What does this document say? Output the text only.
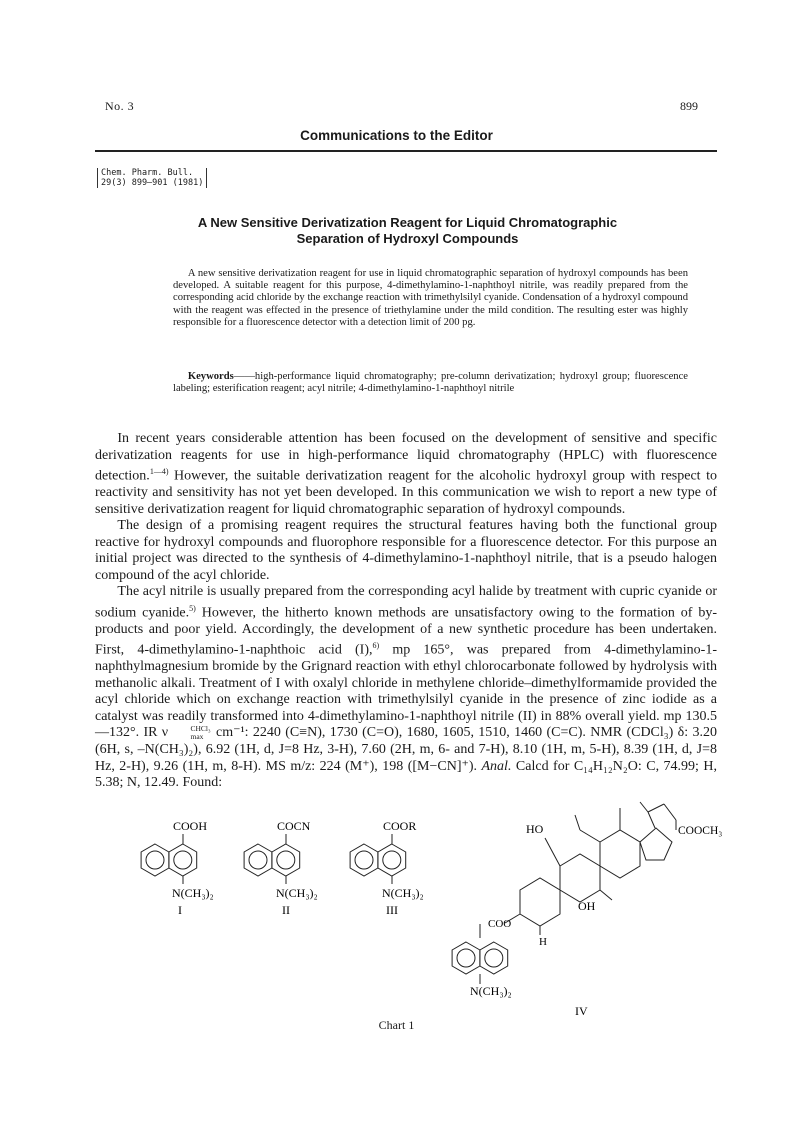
No. 3	899
Communications to the Editor
Chem. Pharm. Bull.
29(3) 899—901 (1981)
A New Sensitive Derivatization Reagent for Liquid Chromatographic
Separation of Hydroxyl Compounds
A new sensitive derivatization reagent for use in liquid chromatographic separation of hydroxyl compounds has been developed. A suitable reagent for this purpose, 4-dimethylamino-1-naphthoyl nitrile, was readily prepared from the corresponding acid chloride by the exchange reaction with trimethylsilyl cyanide. Condensation of a hydroxyl compound with the reagent was effected in the presence of triethylamine under the mild condition. The resulting ester was highly responsible for a fluorescence detector with a detection limit of 200 pg.
Keywords——high-performance liquid chromatography; pre-column derivatization; hydroxyl group; fluorescence labeling; esterification reagent; acyl nitrile; 4-dimethylamino-1-naphthoyl nitrile

In recent years considerable attention has been focused on the development of sensitive and specific derivatization reagents for use in high-performance liquid chromatography (HPLC) with fluorescence detection.$^{1—4)}$ However, the suitable derivatization reagent for the alcoholic hydroxyl group with respect to reactivity and sensitivity has not yet been developed. In this communication we wish to report a new type of sensitive derivatization reagent for liquid chromatographic separation of hydroxyl compounds.

The design of a promising reagent requires the structural features having both the functional group reactive for hydroxyl compounds and fluorophore responsible for a fluorescence detector. For this purpose an initial project was directed to the synthesis of 4-dimethylamino-1-naphthoyl nitrile, that is a pseudo halogen compound of the acyl chloride.

The acyl nitrile is usually prepared from the corresponding acyl halide by treatment with cupric cyanide or sodium cyanide.$^{5)}$ However, the hitherto known methods are unsatisfactory owing to the formation of by-products and poor yield. Accordingly, the development of a new synthetic procedure has been undertaken. First, 4-dimethylamino-1-naphthoic acid (I),$^{6)}$ mp 165°, was prepared from 4-dimethylamino-1-naphthylmagnesium bromide by the Grignard reaction with ethyl chlorocarbonate followed by hydrolysis with methanolic alkali. Treatment of I with oxalyl chloride in methylene chloride–dimethylformamide provided the acyl chloride which on exchange reaction with trimethylsilyl cyanide in the presence of zinc iodide as a catalyst was readily transformed into 4-dimethylamino-1-naphthoyl nitrile (II) in 88% overall yield. mp 130.5—132°. IR ν	CHCl₃
max cm⁻¹: 2240 (C≡N), 1730 (C=O), 1680, 1605, 1510, 1460 (C=C). NMR (CDCl₃) δ: 3.20 (6H, s, –N(CH₃)₂), 6.92 (1H, d, J=8 Hz, 3-H), 7.60 (2H, m, 6- and 7-H), 8.10 (1H, m, 5-H), 8.39 (1H, d, J=8 Hz, 2-H), 9.26 (1H, m, 8-H). MS m/z: 224 (M⁺), 198 ([M−CN]⁺). Anal. Calcd for C₁₄H₁₂N₂O: C, 74.99; H, 5.38; N, 12.49. Found:

COOH
N(CH₃)₂
I
COCN
N(CH₃)₂
II
COOR
N(CH₃)₂
III
HO	COOCH₃
COO
OH
H
N(CH₃)₂
IV
Chart 1
